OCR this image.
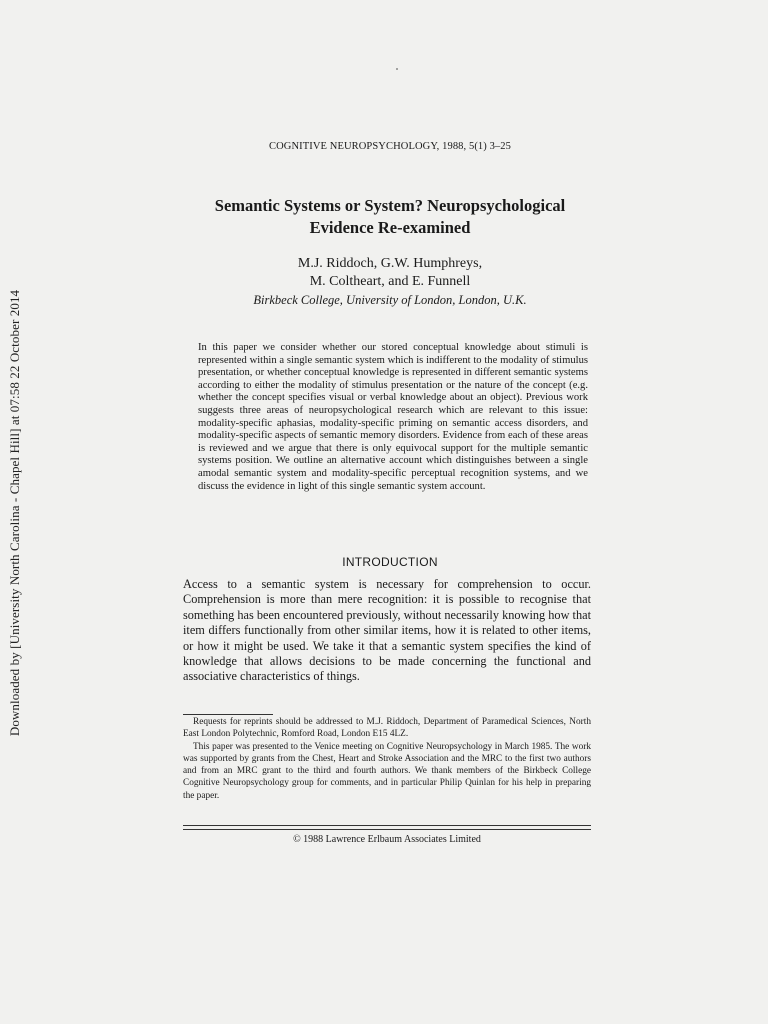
Downloaded by [University North Carolina - Chapel Hill] at 07:58 22 October 2014
COGNITIVE NEUROPSYCHOLOGY, 1988, 5(1) 3–25
Semantic Systems or System? Neuropsychological Evidence Re-examined
M.J. Riddoch, G.W. Humphreys,
M. Coltheart, and E. Funnell
Birkbeck College, University of London, London, U.K.
In this paper we consider whether our stored conceptual knowledge about stimuli is represented within a single semantic system which is indifferent to the modality of stimulus presentation, or whether conceptual knowledge is represented in different semantic systems according to either the modality of stimulus presentation or the nature of the concept (e.g. whether the concept specifies visual or verbal knowledge about an object). Previous work suggests three areas of neuropsychological research which are relevant to this issue: modality-specific aphasias, modality-specific priming on semantic access disorders, and modality-specific aspects of semantic memory disorders. Evidence from each of these areas is reviewed and we argue that there is only equivocal support for the multiple semantic systems position. We outline an alternative account which distinguishes between a single amodal semantic system and modality-specific perceptual recognition systems, and we discuss the evidence in light of this single semantic system account.
INTRODUCTION
Access to a semantic system is necessary for comprehension to occur. Comprehension is more than mere recognition: it is possible to recognise that something has been encountered previously, without necessarily knowing how that item differs functionally from other similar items, how it is related to other items, or how it might be used. We take it that a semantic system specifies the kind of knowledge that allows decisions to be made concerning the functional and associative characteristics of things.

Requests for reprints should be addressed to M.J. Riddoch, Department of Paramedical Sciences, North East London Polytechnic, Romford Road, London E15 4LZ.

This paper was presented to the Venice meeting on Cognitive Neuropsychology in March 1985. The work was supported by grants from the Chest, Heart and Stroke Association and the MRC to the first two authors and from an MRC grant to the third and fourth authors. We thank members of the Birkbeck College Cognitive Neuropsychology group for comments, and in particular Philip Quinlan for his help in preparing the paper.

© 1988 Lawrence Erlbaum Associates Limited
